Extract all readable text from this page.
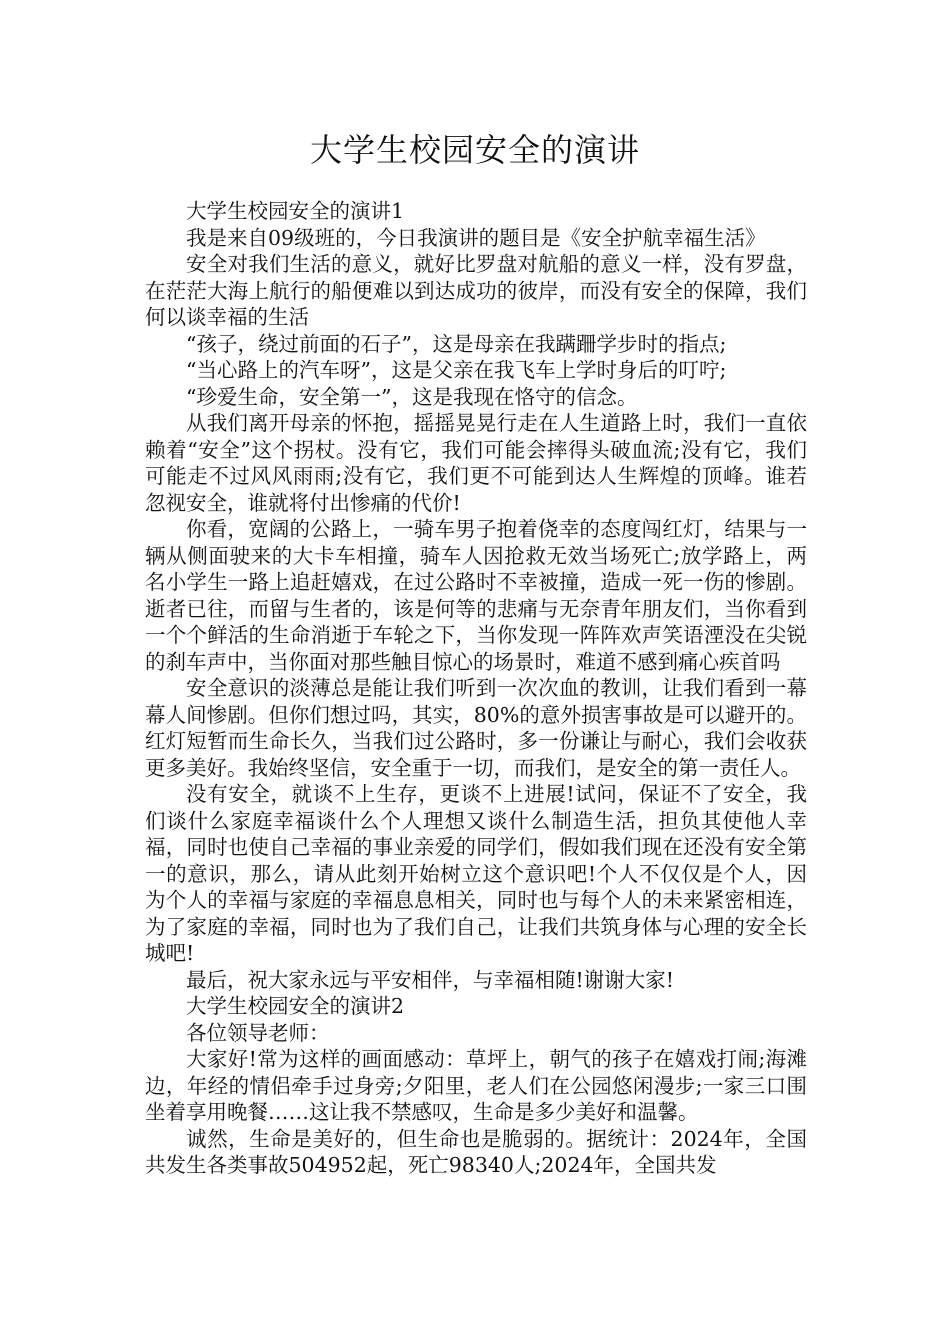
大学生校园安全的演讲

大学生校园安全的演讲1

我是来自09级班的，今日我演讲的题目是《安全护航幸福生活》

安全对我们生活的意义，就好比罗盘对航船的意义一样，没有罗盘，在茫茫大海上航行的船便难以到达成功的彼岸，而没有安全的保障，我们何以谈幸福的生活

“孩子，绕过前面的石子”，这是母亲在我蹒跚学步时的指点;

“当心路上的汽车呀”，这是父亲在我飞车上学时身后的叮咛;

“珍爱生命，安全第一”，这是我现在恪守的信念。

从我们离开母亲的怀抱，摇摇晃晃行走在人生道路上时，我们一直依赖着“安全”这个拐杖。没有它，我们可能会摔得头破血流;没有它，我们可能走不过风风雨雨;没有它，我们更不可能到达人生辉煌的顶峰。谁若忽视安全，谁就将付出惨痛的代价!

你看，宽阔的公路上，一骑车男子抱着侥幸的态度闯红灯，结果与一辆从侧面驶来的大卡车相撞，骑车人因抢救无效当场死亡;放学路上，两名小学生一路上追赶嬉戏，在过公路时不幸被撞，造成一死一伤的惨剧。逝者已往，而留与生者的，该是何等的悲痛与无奈青年朋友们，当你看到一个个鲜活的生命消逝于车轮之下，当你发现一阵阵欢声笑语湮没在尖锐的刹车声中，当你面对那些触目惊心的场景时，难道不感到痛心疾首吗

安全意识的淡薄总是能让我们听到一次次血的教训，让我们看到一幕幕人间惨剧。但你们想过吗，其实，80%的意外损害事故是可以避开的。红灯短暂而生命长久，当我们过公路时，多一份谦让与耐心，我们会收获更多美好。我始终坚信，安全重于一切，而我们，是安全的第一责任人。

没有安全，就谈不上生存，更谈不上进展!试问，保证不了安全，我们谈什么家庭幸福谈什么个人理想又谈什么制造生活，担负其使他人幸福，同时也使自己幸福的事业亲爱的同学们，假如我们现在还没有安全第一的意识，那么，请从此刻开始树立这个意识吧!个人不仅仅是个人，因为个人的幸福与家庭的幸福息息相关，同时也与每个人的未来紧密相连，为了家庭的幸福，同时也为了我们自己，让我们共筑身体与心理的安全长城吧!

最后，祝大家永远与平安相伴，与幸福相随!谢谢大家!

大学生校园安全的演讲2

各位领导老师：

大家好!常为这样的画面感动：草坪上，朝气的孩子在嬉戏打闹;海滩边，年经的情侣牵手过身旁;夕阳里，老人们在公园悠闲漫步;一家三口围坐着享用晚餐……这让我不禁感叹，生命是多少美好和温馨。

诚然，生命是美好的，但生命也是脆弱的。据统计：2024年，全国共发生各类事故504952起，死亡98340人;2024年，全国共发
